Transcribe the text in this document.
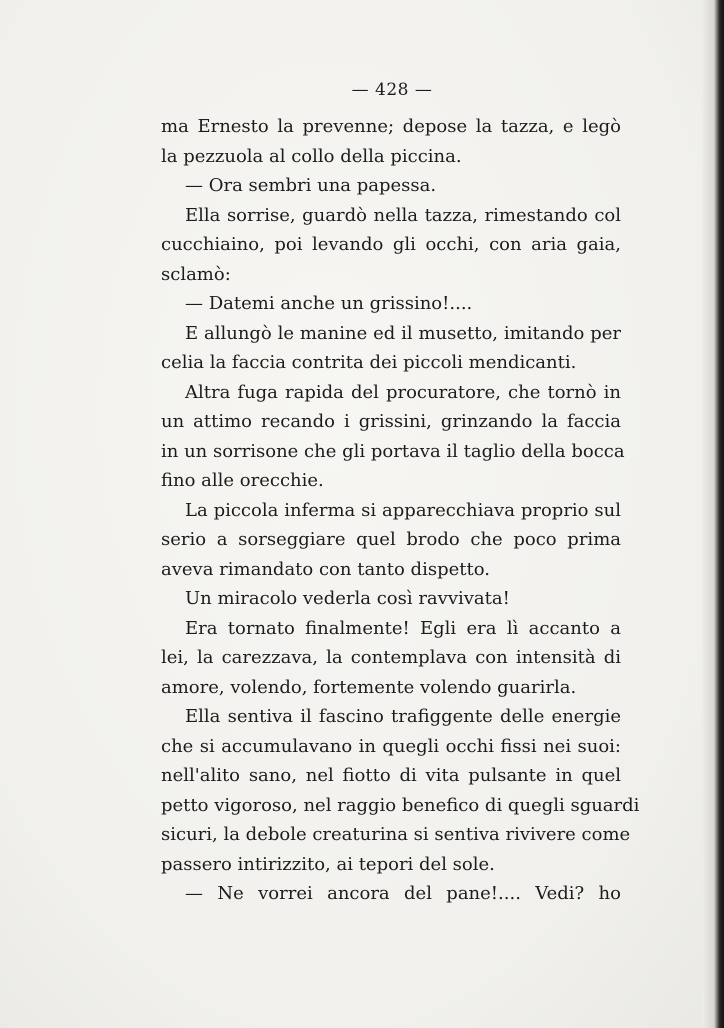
— 428 —
ma Ernesto la prevenne; depose la tazza, e legò
la pezzuola al collo della piccina.
— Ora sembri una papessa.
Ella sorrise, guardò nella tazza, rimestando col
cucchiaino, poi levando gli occhi, con aria gaia,
sclamò:
— Datemi anche un grissino!....
E allungò le manine ed il musetto, imitando per
celia la faccia contrita dei piccoli mendicanti.
Altra fuga rapida del procuratore, che tornò in
un attimo recando i grissini, grinzando la faccia
in un sorrisone che gli portava il taglio della bocca
fino alle orecchie.
La piccola inferma si apparecchiava proprio sul
serio a sorseggiare quel brodo che poco prima
aveva rimandato con tanto dispetto.
Un miracolo vederla così ravvivata!
Era tornato finalmente! Egli era lì accanto a
lei, la carezzava, la contemplava con intensità di
amore, volendo, fortemente volendo guarirla.
Ella sentiva il fascino trafiggente delle energie
che si accumulavano in quegli occhi fissi nei suoi:
nell'alito sano, nel fiotto di vita pulsante in quel
petto vigoroso, nel raggio benefico di quegli sguardi
sicuri, la debole creaturina si sentiva rivivere come
passero intirizzito, ai tepori del sole.
— Ne vorrei ancora del pane!.... Vedi? ho
